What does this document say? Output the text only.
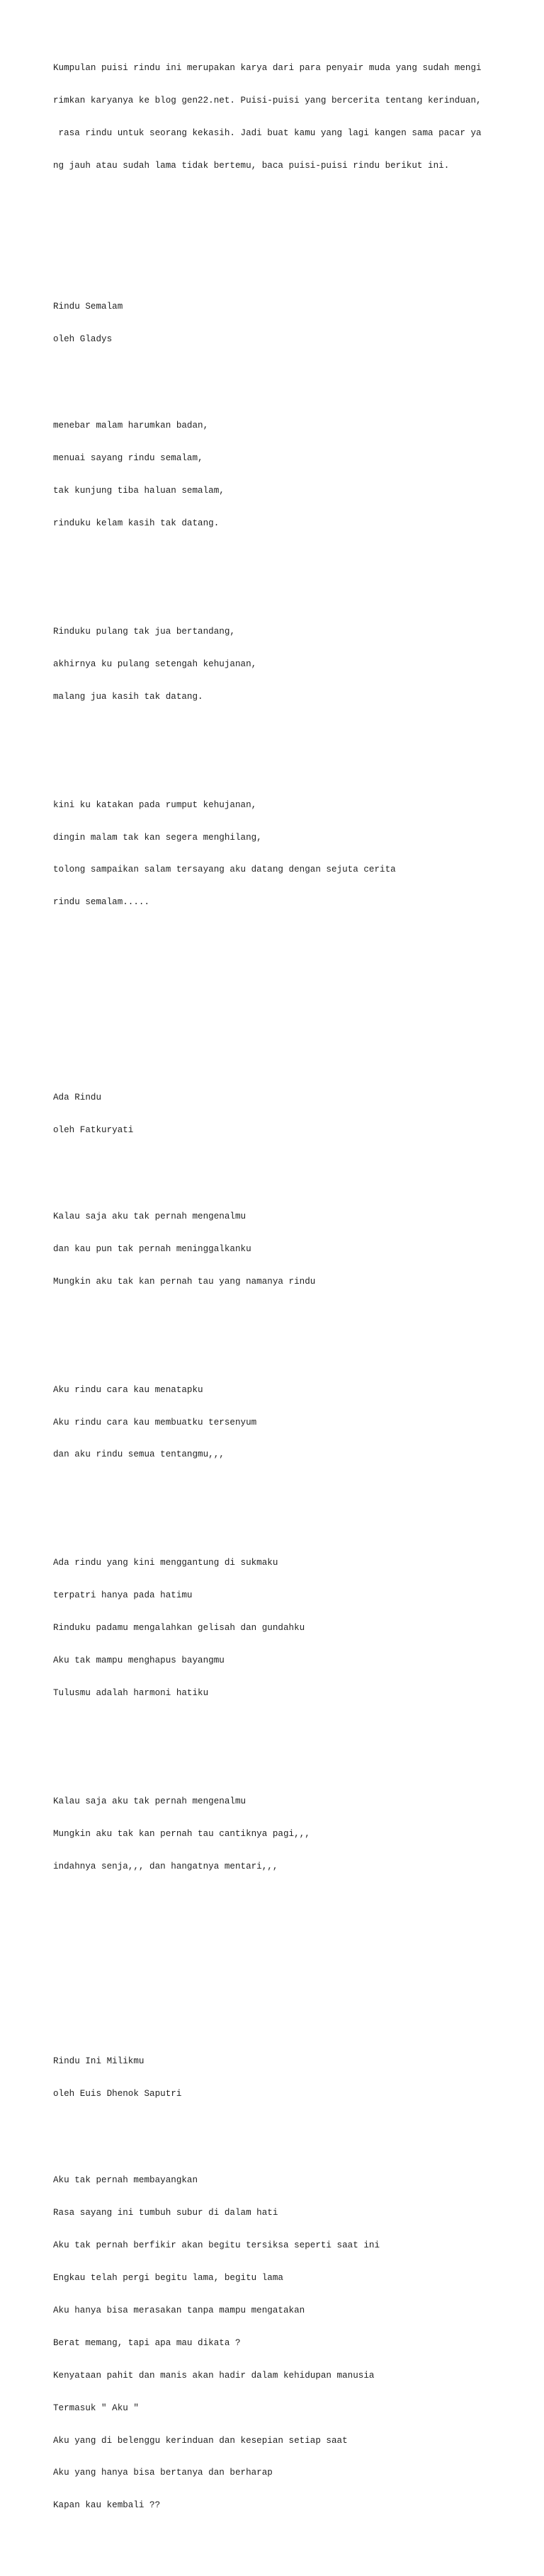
Kumpulan puisi rindu ini merupakan karya dari para penyair muda yang sudah mengi

rimkan karyanya ke blog gen22.net. Puisi-puisi yang bercerita tentang kerinduan,

rasa rindu untuk seorang kekasih. Jadi buat kamu yang lagi kangen sama pacar ya

ng jauh atau sudah lama tidak bertemu, baca puisi-puisi rindu berikut ini.

Rindu Semalam

oleh Gladys

menebar malam harumkan badan,

menuai sayang rindu semalam,

tak kunjung tiba haluan semalam,

rinduku kelam kasih tak datang.

Rinduku pulang tak jua bertandang,

akhirnya ku pulang setengah kehujanan,

malang jua kasih tak datang.

kini ku katakan pada rumput kehujanan,

dingin malam tak kan segera menghilang,

tolong sampaikan salam tersayang aku datang dengan sejuta cerita

rindu semalam.....

Ada Rindu

oleh Fatkuryati

Kalau saja aku tak pernah mengenalmu

dan kau pun tak pernah meninggalkanku

Mungkin aku tak kan pernah tau yang namanya rindu

Aku rindu cara kau menatapku

Aku rindu cara kau membuatku tersenyum

dan aku rindu semua tentangmu,,,

Ada rindu yang kini menggantung di sukmaku

terpatri hanya pada hatimu

Rinduku padamu mengalahkan gelisah dan gundahku

Aku tak mampu menghapus bayangmu

Tulusmu adalah harmoni hatiku

Kalau saja aku tak pernah mengenalmu

Mungkin aku tak kan pernah tau cantiknya pagi,,,

indahnya senja,,, dan hangatnya mentari,,,

Rindu Ini Milikmu

oleh Euis Dhenok Saputri

Aku tak pernah membayangkan

Rasa sayang ini tumbuh subur di dalam hati

Aku tak pernah berfikir akan begitu tersiksa seperti saat ini

Engkau telah pergi begitu lama, begitu lama

Aku hanya bisa merasakan tanpa mampu mengatakan

Berat memang, tapi apa mau dikata ?

Kenyataan pahit dan manis akan hadir dalam kehidupan manusia

Termasuk " Aku "

Aku yang di belenggu kerinduan dan kesepian setiap saat

Aku yang hanya bisa bertanya dan berharap

Kapan kau kembali ??
